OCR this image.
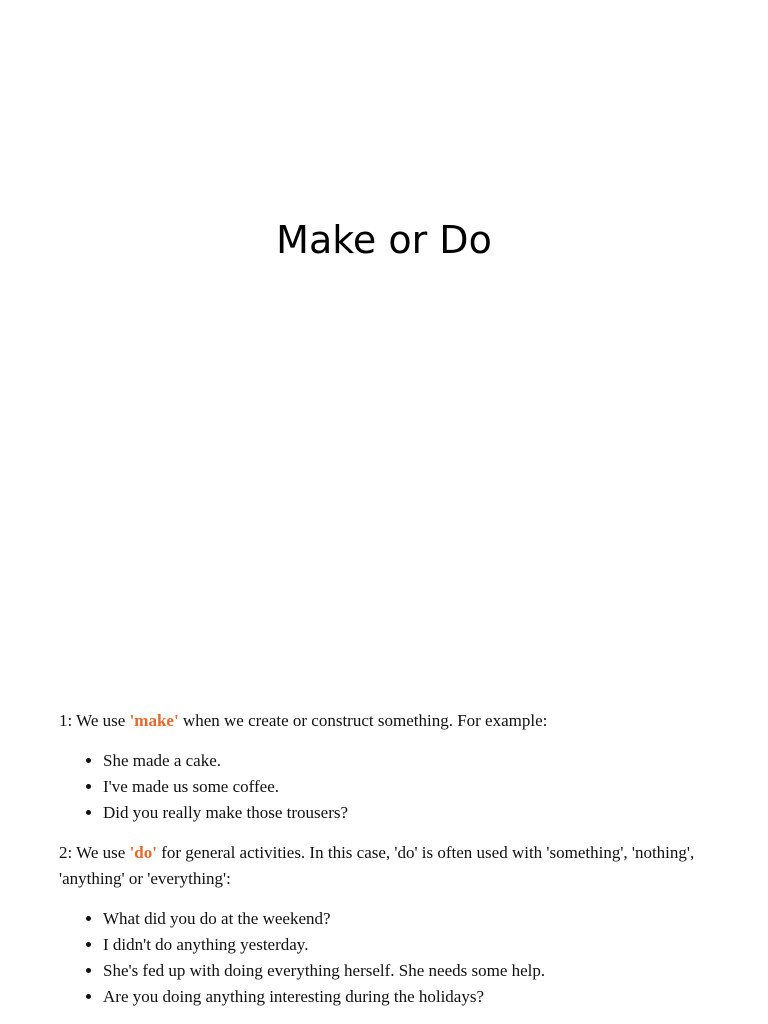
Make or Do

1: We use 'make' when we create or construct something. For example:

• She made a cake.
• I've made us some coffee.
• Did you really make those trousers?

2: We use 'do' for general activities. In this case, 'do' is often used with 'something', 'nothing', 'anything' or 'everything':

• What did you do at the weekend?
• I didn't do anything yesterday.
• She's fed up with doing everything herself. She needs some help.
• Are you doing anything interesting during the holidays?
